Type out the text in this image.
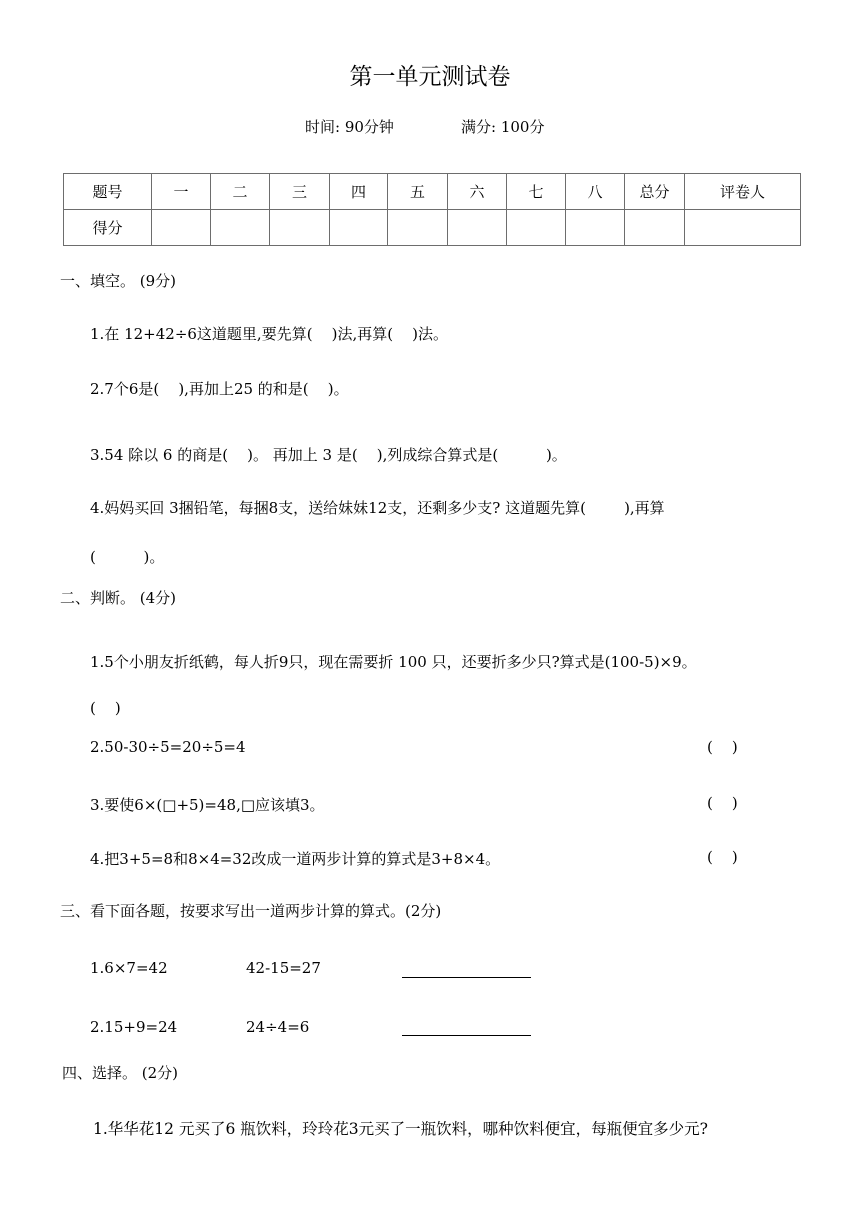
第一单元测试卷
时间: 90分钟	满分: 100分
题号	一	二	三	四	五	六	七	八	总分	评卷人
得分										
一、填空。 (9分)
1.在 12+42÷6这道题里,要先算(    )法,再算(    )法。
2.7个6是(    ),再加上25 的和是(    )。
3.54 除以 6 的商是(    )。 再加上 3 是(    ),列成综合算式是(          )。
4.妈妈买回 3捆铅笔，每捆8支，送给妹妹12支，还剩多少支? 这道题先算(        ),再算
(          )。
二、判断。 (4分)
1.5个小朋友折纸鹤，每人折9只，现在需要折 100 只，还要折多少只?算式是(100-5)×9。
(    )
2.50-30÷5=20÷5=4	(    )
3.要使6×(□+5)=48,□应该填3。	(    )
4.把3+5=8和8×4=32改成一道两步计算的算式是3+8×4。	(    )
三、看下面各题，按要求写出一道两步计算的算式。(2分)
1.6×7=42	42-15=27
2.15+9=24	24÷4=6
四、选择。 (2分)
1.华华花12 元买了6 瓶饮料，玲玲花3元买了一瓶饮料，哪种饮料便宜，每瓶便宜多少元?
